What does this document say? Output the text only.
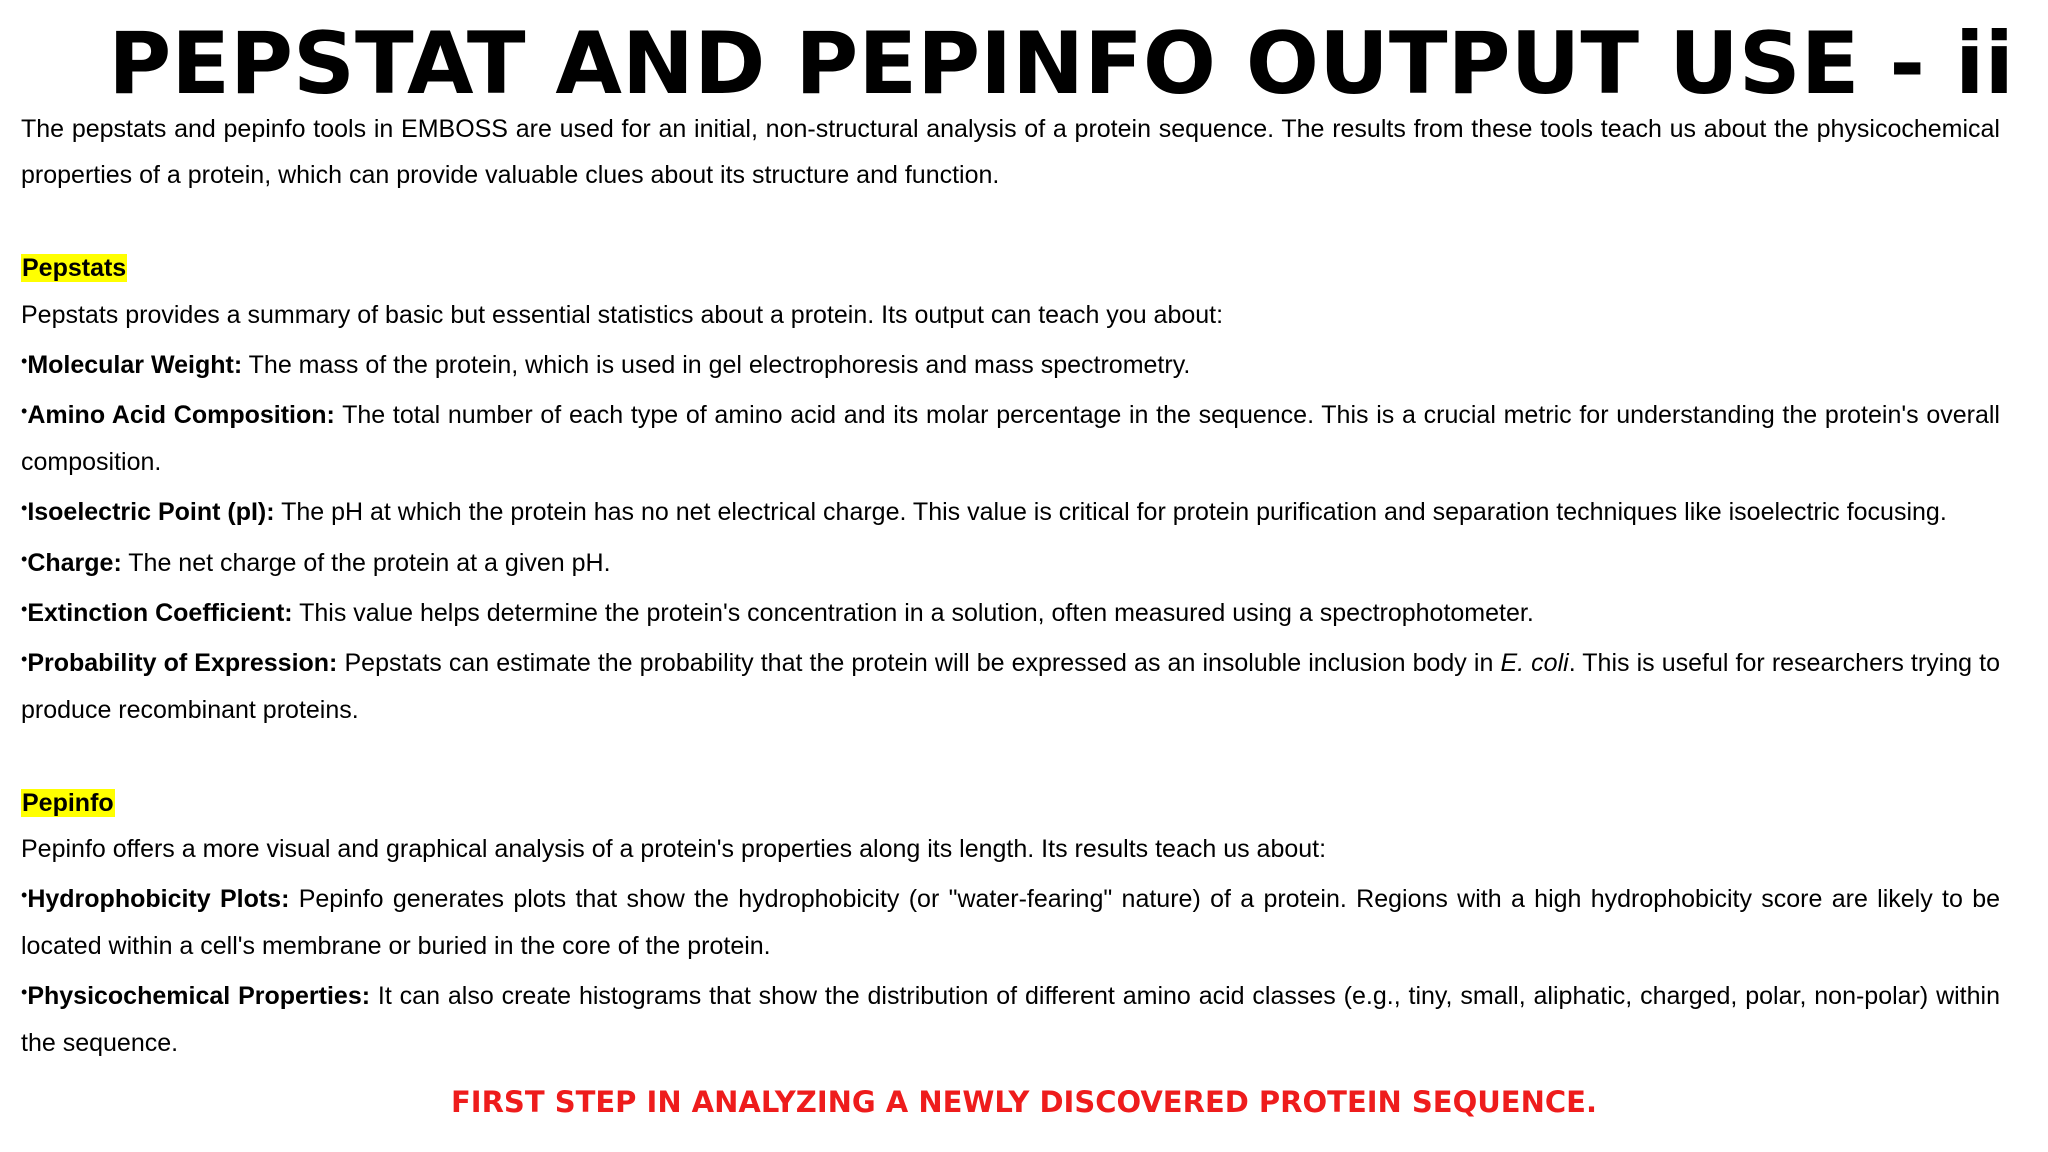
PEPSTAT AND PEPINFO OUTPUT USE - ii

The pepstats and pepinfo tools in EMBOSS are used for an initial, non-structural analysis of a protein sequence. The results from these tools teach us about the physicochemical properties of a protein, which can provide valuable clues about its structure and function.

Pepstats

Pepstats provides a summary of basic but essential statistics about a protein. Its output can teach you about:

•Molecular Weight: The mass of the protein, which is used in gel electrophoresis and mass spectrometry.

•Amino Acid Composition: The total number of each type of amino acid and its molar percentage in the sequence. This is a crucial metric for understanding the protein's overall composition.

•Isoelectric Point (pI): The pH at which the protein has no net electrical charge. This value is critical for protein purification and separation techniques like isoelectric focusing.

•Charge: The net charge of the protein at a given pH.

•Extinction Coefficient: This value helps determine the protein's concentration in a solution, often measured using a spectrophotometer.

•Probability of Expression: Pepstats can estimate the probability that the protein will be expressed as an insoluble inclusion body in E. coli. This is useful for researchers trying to produce recombinant proteins.

Pepinfo

Pepinfo offers a more visual and graphical analysis of a protein's properties along its length. Its results teach us about:

•Hydrophobicity Plots: Pepinfo generates plots that show the hydrophobicity (or "water-fearing" nature) of a protein. Regions with a high hydrophobicity score are likely to be located within a cell's membrane or buried in the core of the protein.

•Physicochemical Properties: It can also create histograms that show the distribution of different amino acid classes (e.g., tiny, small, aliphatic, charged, polar, non-polar) within the sequence.

FIRST STEP IN ANALYZING A NEWLY DISCOVERED PROTEIN SEQUENCE.
